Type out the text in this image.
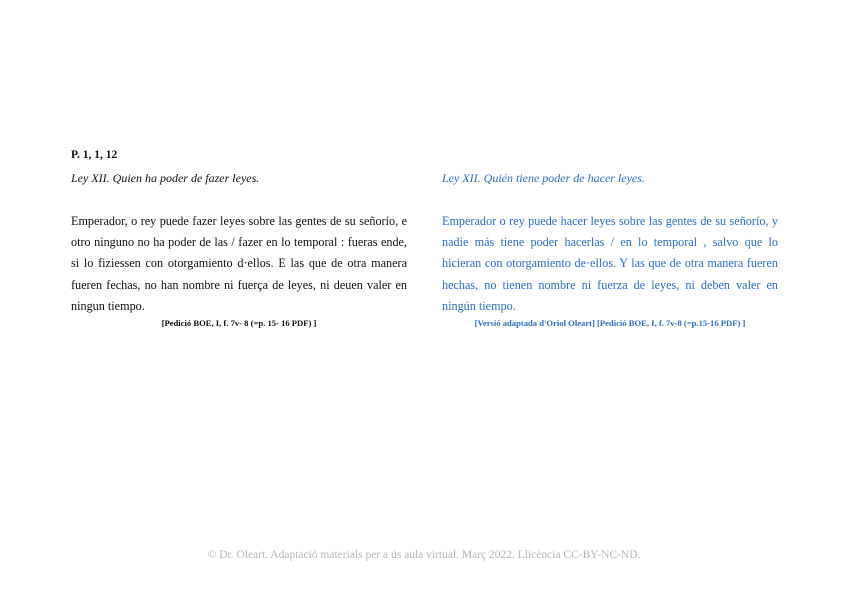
P. 1, 1, 12
Ley XII. Quien ha poder de fazer leyes.	Ley XII. Quién tiene poder de hacer leyes.
Emperador, o rey puede fazer leyes sobre las gentes de su señorío, e otro ninguno no ha poder de las / fazer en lo temporal : fueras ende, si lo fiziessen con otorgamiento d·ellos. E las que de otra manera fueren fechas, no han nombre ni fuerça de leyes, ni deuen valer en ningun tiempo.
Emperador o rey puede hacer leyes sobre las gentes de su señorío, y nadie más tiene poder hacerlas / en lo temporal , salvo que lo hicieran con otorgamiento de·ellos. Y las que de otra manera fueren hechas, no tienen nombre ni fuerza de leyes, ni deben valer en ningún tiempo.
[Pedició BOE, I, f. 7v- 8 (=p. 15- 16 PDF) ]	[Versió adaptada d'Oriol Oleart] [Pedició BOE, I, f. 7v-8 (=p.15-16 PDF) ]
© Dr. Oleart. Adaptació materials per a ús aula virtual. Març 2022. Llicència CC-BY-NC-ND.
